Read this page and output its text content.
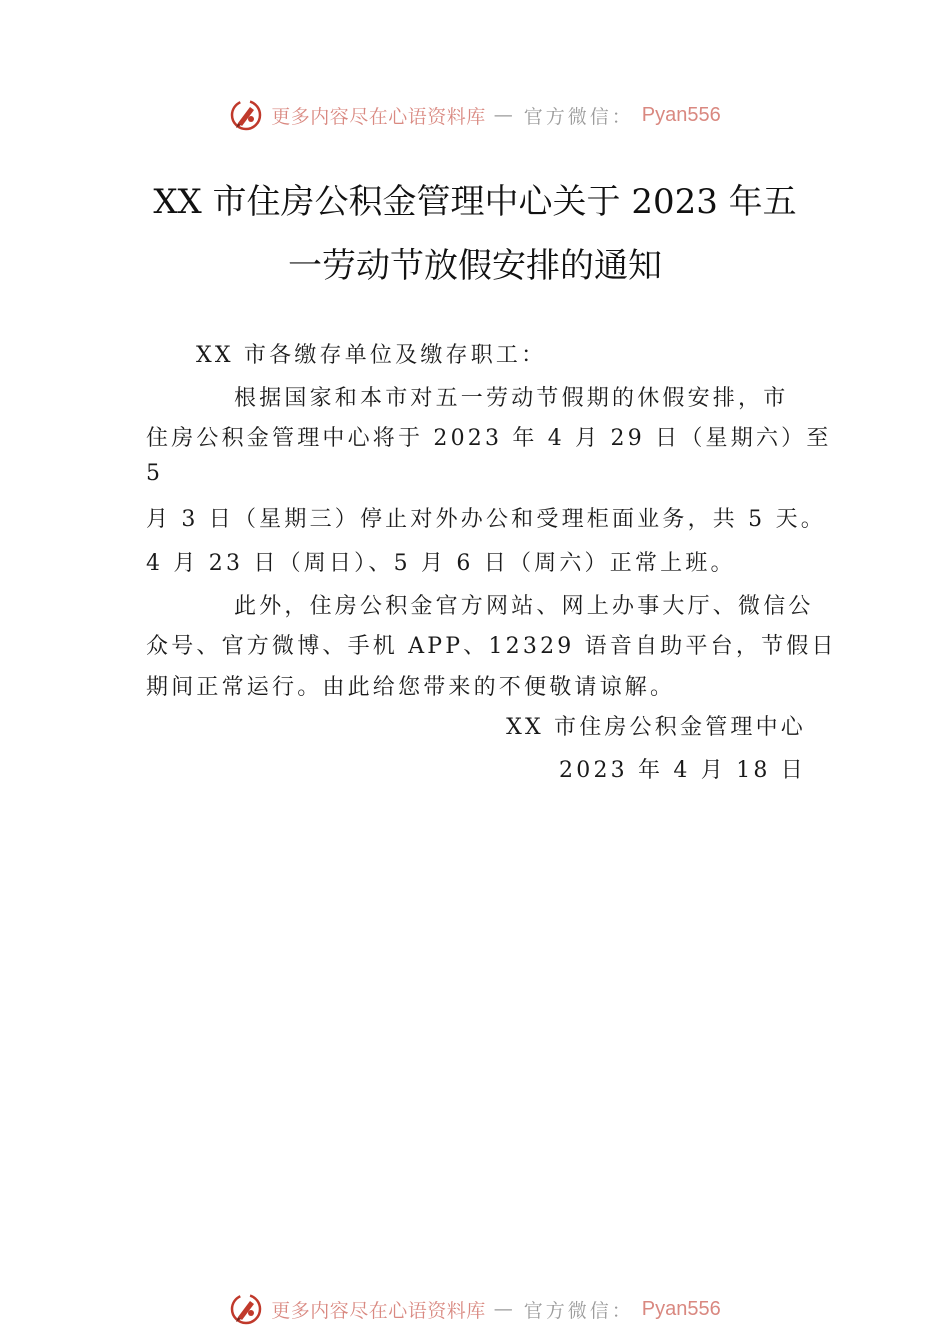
更多内容尽在心语资料库 — 官方微信： Pyan556
XX 市住房公积金管理中心关于 2023 年五
一劳动节放假安排的通知
XX 市各缴存单位及缴存职工：
根据国家和本市对五一劳动节假期的休假安排，市
住房公积金管理中心将于 2023 年 4 月 29 日（星期六）至
5
月 3 日（星期三）停止对外办公和受理柜面业务，共 5 天。
4 月 23 日（周日）、5 月 6 日（周六）正常上班。
此外，住房公积金官方网站、网上办事大厅、微信公
众号、官方微博、手机 APP、12329 语音自助平台，节假日
期间正常运行。由此给您带来的不便敬请谅解。
XX 市住房公积金管理中心
2023 年 4 月 18 日
更多内容尽在心语资料库 — 官方微信： Pyan556
